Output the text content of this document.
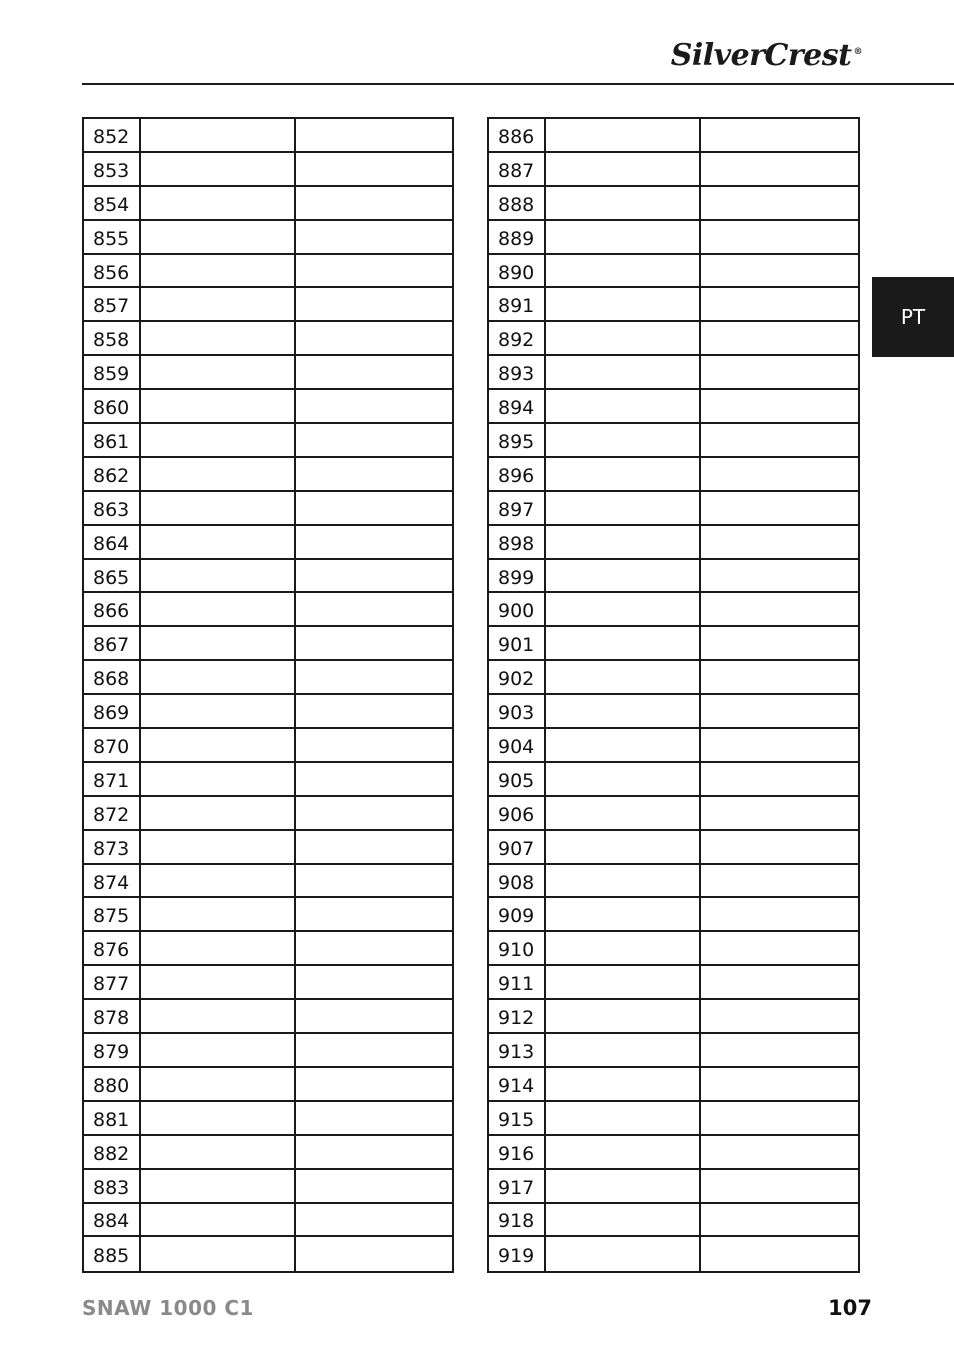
SilverCrest ®
PT
852
853
854
855
856
857
858
859
860
861
862
863
864
865
866
867
868
869
870
871
872
873
874
875
876
877
878
879
880
881
882
883
884
885
886
887
888
889
890
891
892
893
894
895
896
897
898
899
900
901
902
903
904
905
906
907
908
909
910
911
912
913
914
915
916
917
918
919
SNAW 1000 C1	107
